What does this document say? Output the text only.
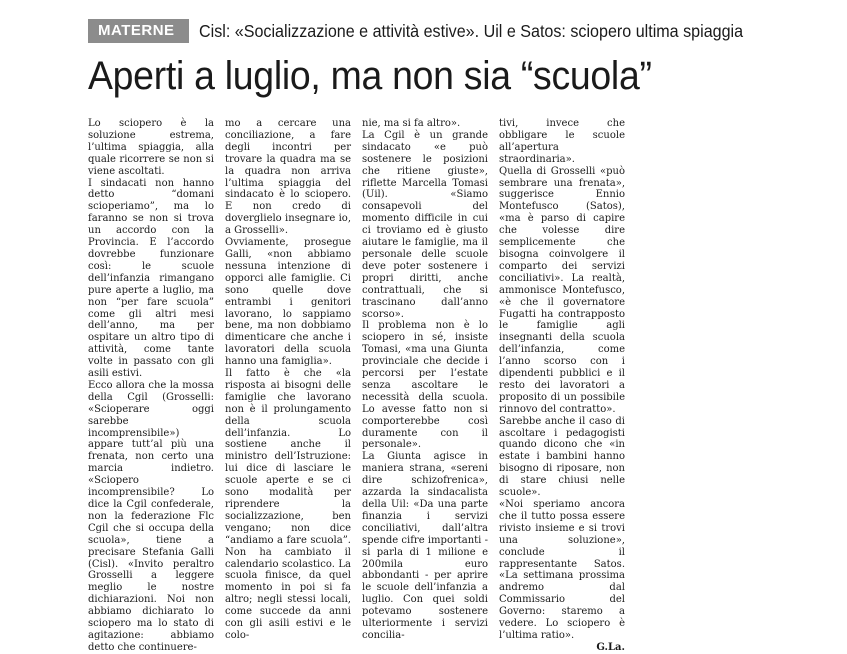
MATERNE	Cisl: «Socializzazione e attività estive». Uil e Satos: sciopero ultima spiaggia
Aperti a luglio, ma non sia “scuola”

Lo sciopero è la soluzione estrema, l’ultima spiaggia, alla quale ricorrere se non si viene ascoltati.

I sindacati non hanno detto “domani scioperiamo”, ma lo faranno se non si trova un accordo con la Provincia. E l’accordo dovrebbe funzionare così: le scuole dell’infanzia rimangano pure aperte a luglio, ma non “per fare scuola” come gli altri mesi dell’anno, ma per ospitare un altro tipo di attività, come tante volte in passato con gli asili estivi.

Ecco allora che la mossa della Cgil (Grosselli: «Scioperare oggi sarebbe incomprensibile») appare tutt’al più una frenata, non certo una marcia indietro. «Sciopero incomprensibile? Lo dice la Cgil confederale, non la federazione Flc Cgil che si occupa della scuola», tiene a precisare Stefania Galli (Cisl). «Invito peraltro Grosselli a leggere meglio le nostre dichiarazioni. Noi non abbiamo dichiarato lo sciopero ma lo stato di agitazione: abbiamo detto che continuere-

mo a cercare una conciliazione, a fare degli incontri per trovare la quadra ma se la quadra non arriva l’ultima spiaggia del sindacato è lo sciopero. E non credo di doverglielo insegnare io, a Grosselli».

Ovviamente, prosegue Galli, «non abbiamo nessuna intenzione di opporci alle famiglie. Ci sono quelle dove entrambi i genitori lavorano, lo sappiamo bene, ma non dobbiamo dimenticare che anche i lavoratori della scuola hanno una famiglia».

Il fatto è che «la risposta ai bisogni delle famiglie che lavorano non è il prolungamento della scuola dell’infanzia. Lo sostiene anche il ministro dell’Istruzione: lui dice di lasciare le scuole aperte e se ci sono modalità per riprendere la socializzazione, ben vengano; non dice “andiamo a fare scuola”. Non ha cambiato il calendario scolastico. La scuola finisce, da quel momento in poi si fa altro; negli stessi locali, come succede da anni con gli asili estivi e le colo-

nie, ma si fa altro».

La Cgil è un grande sindacato «e può sostenere le posizioni che ritiene giuste», riflette Marcella Tomasi (Uil). «Siamo consapevoli del momento difficile in cui ci troviamo ed è giusto aiutare le famiglie, ma il personale delle scuole deve poter sostenere i propri diritti, anche contrattuali, che si trascinano dall’anno scorso».

Il problema non è lo sciopero in sé, insiste Tomasi, «ma una Giunta provinciale che decide i percorsi per l’estate senza ascoltare le necessità della scuola. Lo avesse fatto non si comporterebbe così duramente con il personale».

La Giunta agisce in maniera strana, «sereni dire schizofrenica», azzarda la sindacalista della Uil: «Da una parte finanzia i servizi conciliativi, dall’altra spende cifre importanti - si parla di 1 milione e 200mila euro abbondanti - per aprire le scuole dell’infanzia a luglio. Con quei soldi potevamo sostenere ulteriormente i servizi concilia-

tivi, invece che obbligare le scuole all’apertura straordinaria».

Quella di Grosselli «può sembrare una frenata», suggerisce Ennio Montefusco (Satos), «ma è parso di capire che volesse dire semplicemente che bisogna coinvolgere il comparto dei servizi conciliativi». La realtà, ammonisce Montefusco, «è che il governatore Fugatti ha contrapposto le famiglie agli insegnanti della scuola dell’infanzia, come l’anno scorso con i dipendenti pubblici e il resto dei lavoratori a proposito di un possibile rinnovo del contratto».

Sarebbe anche il caso di ascoltare i pedagogisti quando dicono che «in estate i bambini hanno bisogno di riposare, non di stare chiusi nelle scuole».

«Noi speriamo ancora che il tutto possa essere rivisto insieme e si trovi una soluzione», conclude il rappresentante Satos. «La settimana prossima andremo dal Commissario del Governo: staremo a vedere. Lo sciopero è l’ultima ratio».

G.La.
